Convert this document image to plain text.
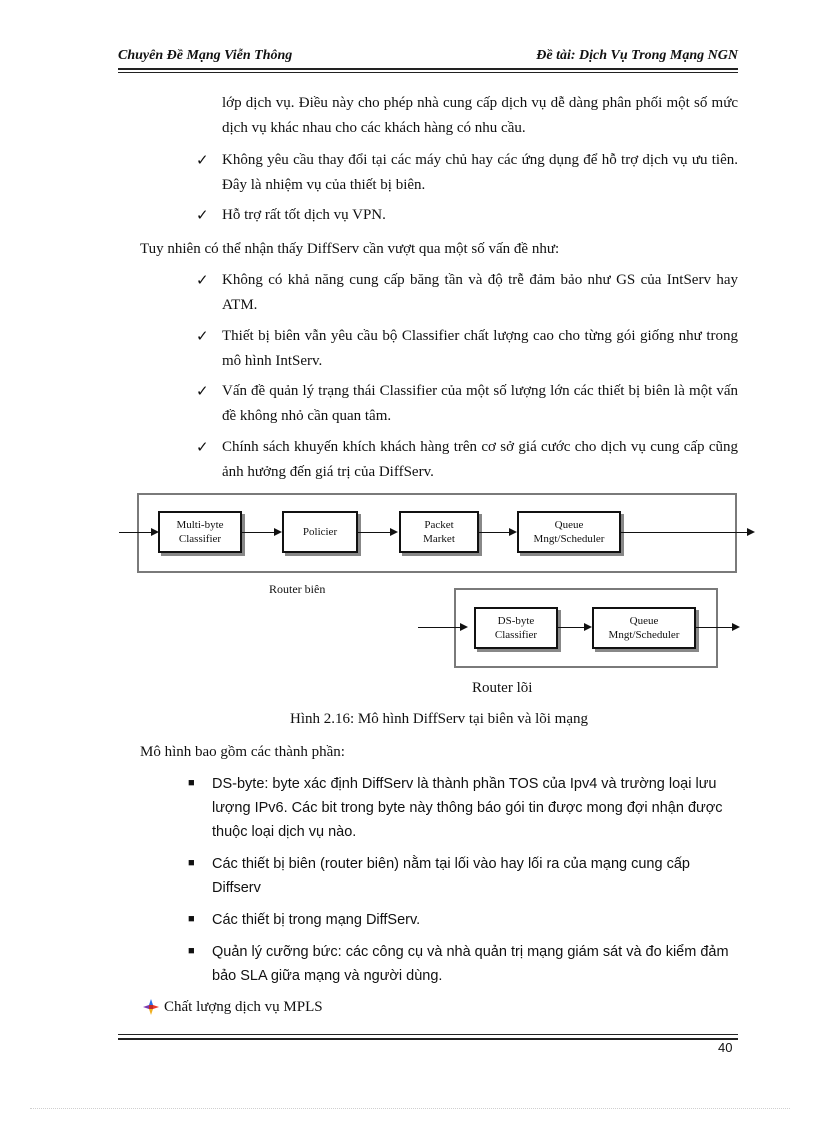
Chuyên Đề Mạng Viễn Thông	Đề tài: Dịch Vụ Trong Mạng NGN
lớp dịch vụ. Điều này cho phép nhà cung cấp dịch vụ dễ dàng phân phối một số mức dịch vụ khác nhau cho các khách hàng có nhu cầu.
✓ Không yêu cầu thay đổi tại các máy chủ hay các ứng dụng để hỗ trợ dịch vụ ưu tiên. Đây là nhiệm vụ của thiết bị biên.
✓ Hỗ trợ rất tốt dịch vụ VPN.
Tuy nhiên có thể nhận thấy DiffServ cần vượt qua một số vấn đề như:
✓ Không có khả năng cung cấp băng tần và độ trễ đảm bảo như GS của IntServ hay ATM.
✓ Thiết bị biên vẫn yêu cầu bộ Classifier chất lượng cao cho từng gói giống như trong mô hình IntServ.
✓ Vấn đề quản lý trạng thái Classifier của một số lượng lớn các thiết bị biên là một vấn đề không nhỏ cần quan tâm.
✓ Chính sách khuyến khích khách hàng trên cơ sở giá cước cho dịch vụ cung cấp cũng ảnh hưởng đến giá trị của DiffServ.
Multi-byte
Classifier
Policier
Packet
Market
Queue
Mngt/Scheduler
Router biên
DS-byte
Classifier
Queue
Mngt/Scheduler
Router lõi
Hình 2.16: Mô hình DiffServ tại biên và lõi mạng
Mô hình bao gồm các thành phần:
■ DS-byte: byte xác định DiffServ là thành phần TOS của Ipv4 và trường loại lưu lượng IPv6. Các bit trong byte này thông báo gói tin được mong đợi nhận được thuộc loại dịch vụ nào.
■ Các thiết bị biên (router biên) nằm tại lối vào hay lối ra của mạng cung cấp Diffserv
■ Các thiết bị trong mạng DiffServ.
■ Quản lý cưỡng bức: các công cụ và nhà quản trị mạng giám sát và đo kiểm đảm bảo SLA giữa mạng và người dùng.
Chất lượng dịch vụ MPLS
40
